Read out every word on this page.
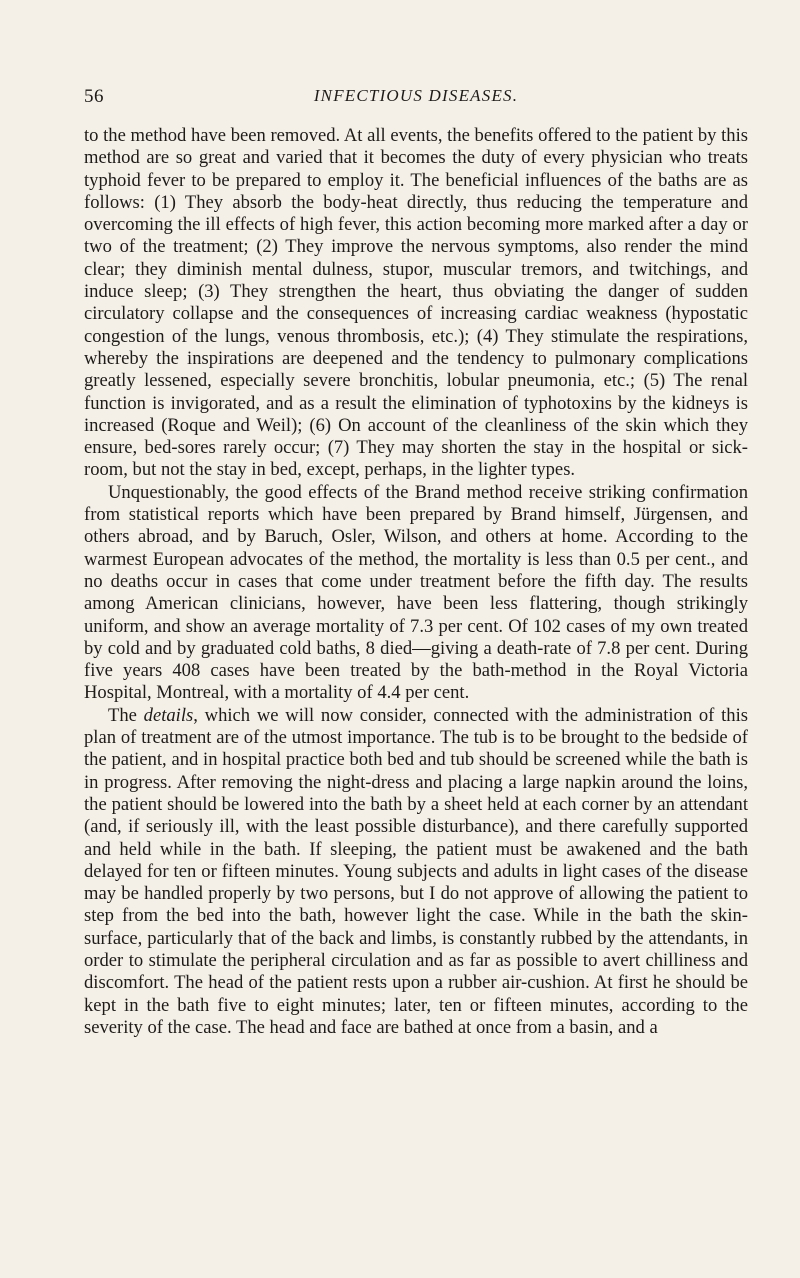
56	INFECTIOUS DISEASES.

to the method have been removed. At all events, the benefits offered to the patient by this method are so great and varied that it becomes the duty of every physician who treats typhoid fever to be prepared to employ it. The beneficial influences of the baths are as follows: (1) They absorb the body-heat directly, thus reducing the temperature and overcoming the ill effects of high fever, this action becoming more marked after a day or two of the treatment; (2) They improve the nervous symptoms, also render the mind clear; they diminish mental dulness, stupor, muscular tremors, and twitchings, and induce sleep; (3) They strengthen the heart, thus obviating the danger of sudden circulatory collapse and the consequences of increasing cardiac weakness (hypostatic congestion of the lungs, venous thrombosis, etc.); (4) They stimulate the respirations, whereby the inspirations are deepened and the tendency to pulmonary complications greatly lessened, especially severe bronchitis, lobular pneumonia, etc.; (5) The renal function is invigorated, and as a result the elimination of typhotoxins by the kidneys is increased (Roque and Weil); (6) On account of the cleanliness of the skin which they ensure, bed-sores rarely occur; (7) They may shorten the stay in the hospital or sick-room, but not the stay in bed, except, perhaps, in the lighter types.

Unquestionably, the good effects of the Brand method receive striking confirmation from statistical reports which have been prepared by Brand himself, Jürgensen, and others abroad, and by Baruch, Osler, Wilson, and others at home. According to the warmest European advocates of the method, the mortality is less than 0.5 per cent., and no deaths occur in cases that come under treatment before the fifth day. The results among American clinicians, however, have been less flattering, though strikingly uniform, and show an average mortality of 7.3 per cent. Of 102 cases of my own treated by cold and by graduated cold baths, 8 died—giving a death-rate of 7.8 per cent. During five years 408 cases have been treated by the bath-method in the Royal Victoria Hospital, Montreal, with a mortality of 4.4 per cent.

The details, which we will now consider, connected with the administration of this plan of treatment are of the utmost importance. The tub is to be brought to the bedside of the patient, and in hospital practice both bed and tub should be screened while the bath is in progress. After removing the night-dress and placing a large napkin around the loins, the patient should be lowered into the bath by a sheet held at each corner by an attendant (and, if seriously ill, with the least possible disturbance), and there carefully supported and held while in the bath. If sleeping, the patient must be awakened and the bath delayed for ten or fifteen minutes. Young subjects and adults in light cases of the disease may be handled properly by two persons, but I do not approve of allowing the patient to step from the bed into the bath, however light the case. While in the bath the skin-surface, particularly that of the back and limbs, is constantly rubbed by the attendants, in order to stimulate the peripheral circulation and as far as possible to avert chilliness and discomfort. The head of the patient rests upon a rubber air-cushion. At first he should be kept in the bath five to eight minutes; later, ten or fifteen minutes, according to the severity of the case. The head and face are bathed at once from a basin, and a
